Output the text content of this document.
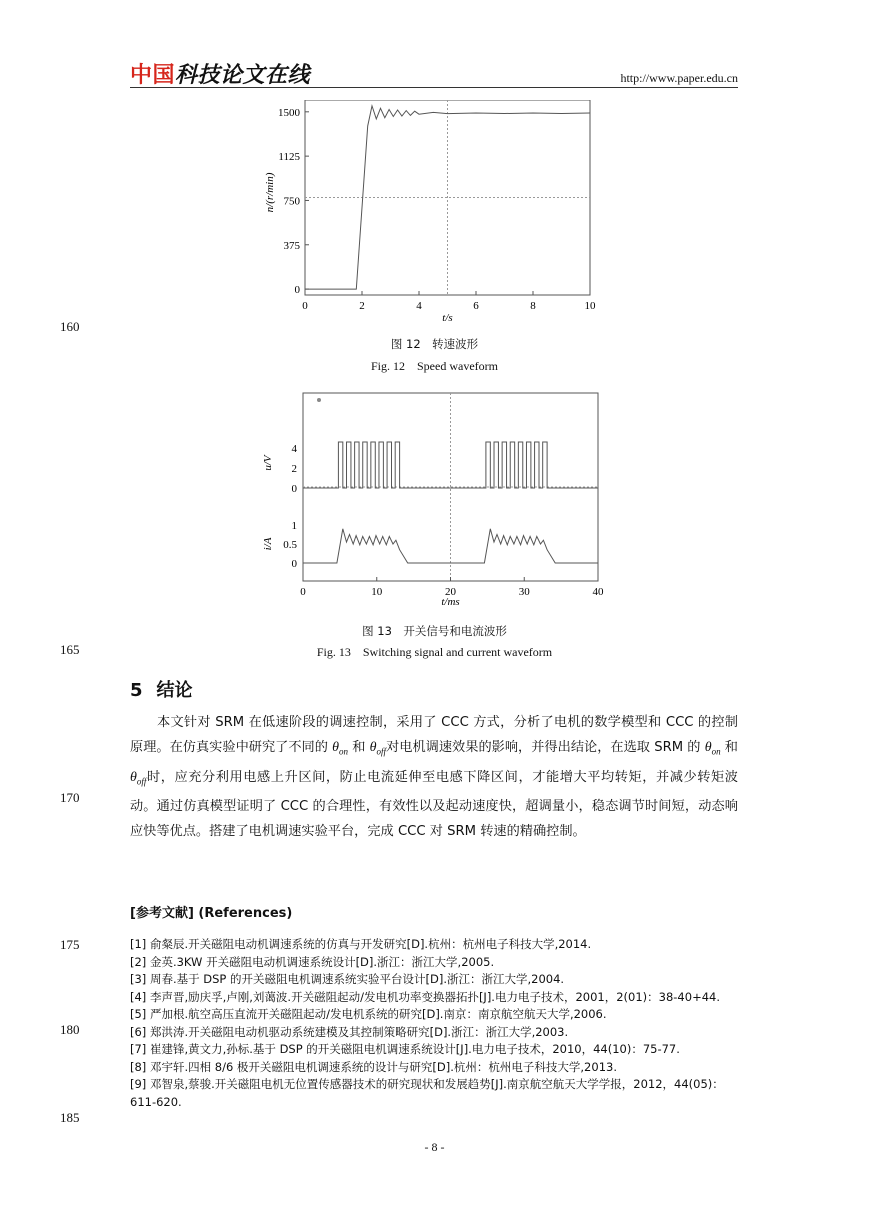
中国科技论文在线	http://www.paper.edu.cn
160
165
170
175
180
185
0	2	4	6	8	10
0
375
750
1125
1500
t/s
n/(r/min)
图 12　转速波形
Fig. 12　Speed waveform
0	10	20	30	40
t/ms
0
2
4
u/V
0
0.5
1
i/A
图 13　开关信号和电流波形
Fig. 13　Switching signal and current waveform
5 结论

本文针对 SRM 在低速阶段的调速控制，采用了 CCC 方式，分析了电机的数学模型和 CCC 的控制原理。在仿真实验中研究了不同的 $\theta_{on}$ 和 $\theta_{off}$对电机调速效果的影响，并得出结论，在选取 SRM 的 $\theta_{on}$ 和 $\theta_{off}$时，应充分利用电感上升区间，防止电流延伸至电感下降区间，才能增大平均转矩，并减少转矩波动。通过仿真模型证明了 CCC 的合理性，有效性以及起动速度快，超调量小，稳态调节时间短，动态响应快等优点。搭建了电机调速实验平台，完成 CCC 对 SRM 转速的精确控制。

[参考文献] (References)
[1] 俞粲辰.开关磁阻电动机调速系统的仿真与开发研究[D].杭州：杭州电子科技大学,2014.
[2] 金英.3KW 开关磁阻电动机调速系统设计[D].浙江：浙江大学,2005.
[3] 周春.基于 DSP 的开关磁阻电机调速系统实验平台设计[D].浙江：浙江大学,2004.
[4] 李声晋,励庆孚,卢刚,刘蔼波.开关磁阻起动/发电机功率变换器拓扑[J].电力电子技术，2001，2(01)：38-40+44.
[5] 严加根.航空高压直流开关磁阻起动/发电机系统的研究[D].南京：南京航空航天大学,2006.
[6] 郑洪涛.开关磁阻电动机驱动系统建模及其控制策略研究[D].浙江：浙江大学,2003.
[7] 崔建锋,黄文力,孙标.基于 DSP 的开关磁阻电机调速系统设计[J].电力电子技术，2010，44(10)：75-77.
[8] 邓宇轩.四相 8/6 极开关磁阻电机调速系统的设计与研究[D].杭州：杭州电子科技大学,2013.
[9] 邓智泉,蔡骏.开关磁阻电机无位置传感器技术的研究现状和发展趋势[J].南京航空航天大学学报，2012，44(05)：611-620.
- 8 -
